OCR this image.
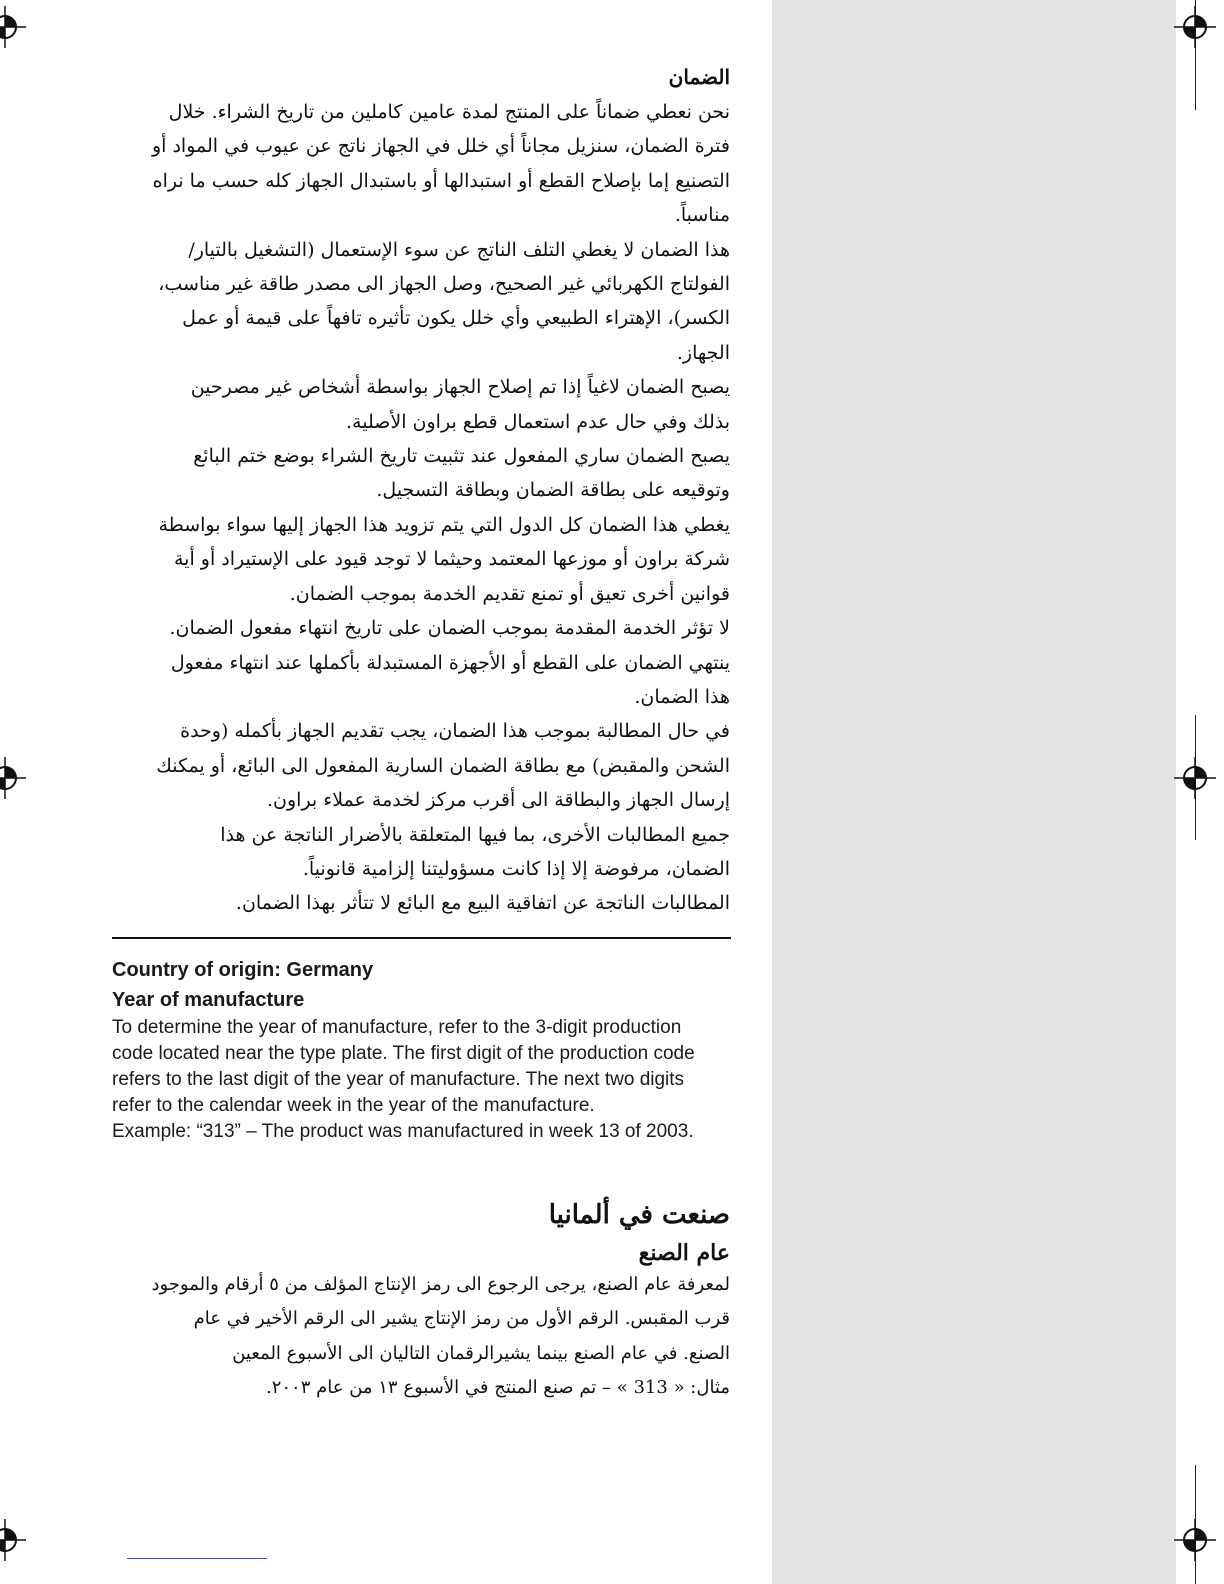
الضمان

نحن نعطي ضماناً على المنتج لمدة عامين كاملين من تاريخ الشراء. خلال فترة الضمان، سنزيل مجاناً أي خلل في الجهاز ناتج عن عيوب في المواد أو التصنيع إما بإصلاح القطع أو استبدالها أو باستبدال الجهاز كله حسب ما نراه مناسباً.

هذا الضمان لا يغطي التلف الناتج عن سوء الإستعمال (التشغيل بالتيار/الفولتاج الكهربائي غير الصحيح، وصل الجهاز الى مصدر طاقة غير مناسب، الكسر)، الإهتراء الطبيعي وأي خلل يكون تأثيره تافهاً على قيمة أو عمل الجهاز.

يصبح الضمان لاغياً إذا تم إصلاح الجهاز بواسطة أشخاص غير مصرحين بذلك وفي حال عدم استعمال قطع براون الأصلية.

يصبح الضمان ساري المفعول عند تثبيت تاريخ الشراء بوضع ختم البائع وتوقيعه على بطاقة الضمان وبطاقة التسجيل.

يغطي هذا الضمان كل الدول التي يتم تزويد هذا الجهاز إليها سواء بواسطة شركة براون أو موزعها المعتمد وحيثما لا توجد قيود على الإستيراد أو أية قوانين أخرى تعيق أو تمنع تقديم الخدمة بموجب الضمان.

لا تؤثر الخدمة المقدمة بموجب الضمان على تاريخ انتهاء مفعول الضمان.

ينتهي الضمان على القطع أو الأجهزة المستبدلة بأكملها عند انتهاء مفعول هذا الضمان.

في حال المطالبة بموجب هذا الضمان، يجب تقديم الجهاز بأكمله (وحدة الشحن والمقبض) مع بطاقة الضمان السارية المفعول الى البائع، أو يمكنك إرسال الجهاز والبطاقة الى أقرب مركز لخدمة عملاء براون.

جميع المطالبات الأخرى، بما فيها المتعلقة بالأضرار الناتجة عن هذا الضمان، مرفوضة إلا إذا كانت مسؤوليتنا إلزامية قانونياً.

المطالبات الناتجة عن اتفاقية البيع مع البائع لا تتأثر بهذا الضمان.

Country of origin: Germany

Year of manufacture

To determine the year of manufacture, refer to the 3-digit production code located near the type plate. The first digit of the production code refers to the last digit of the year of manufacture. The next two digits refer to the calendar week in the year of the manufacture.

Example: “313” – The product was manufactured in week 13 of 2003.

صنعت في ألمانيا
عام الصنع

لمعرفة عام الصنع، يرجى الرجوع الى رمز الإنتاج المؤلف من ٥ أرقام والموجود قرب المقبس. الرقم الأول من رمز الإنتاج يشير الى الرقم الأخير في عام الصنع. في عام الصنع بينما يشيرالرقمان التاليان الى الأسبوع المعين

مثال: « 313 » – تم صنع المنتج في الأسبوع ١٣ من عام ٢٠٠٣.
